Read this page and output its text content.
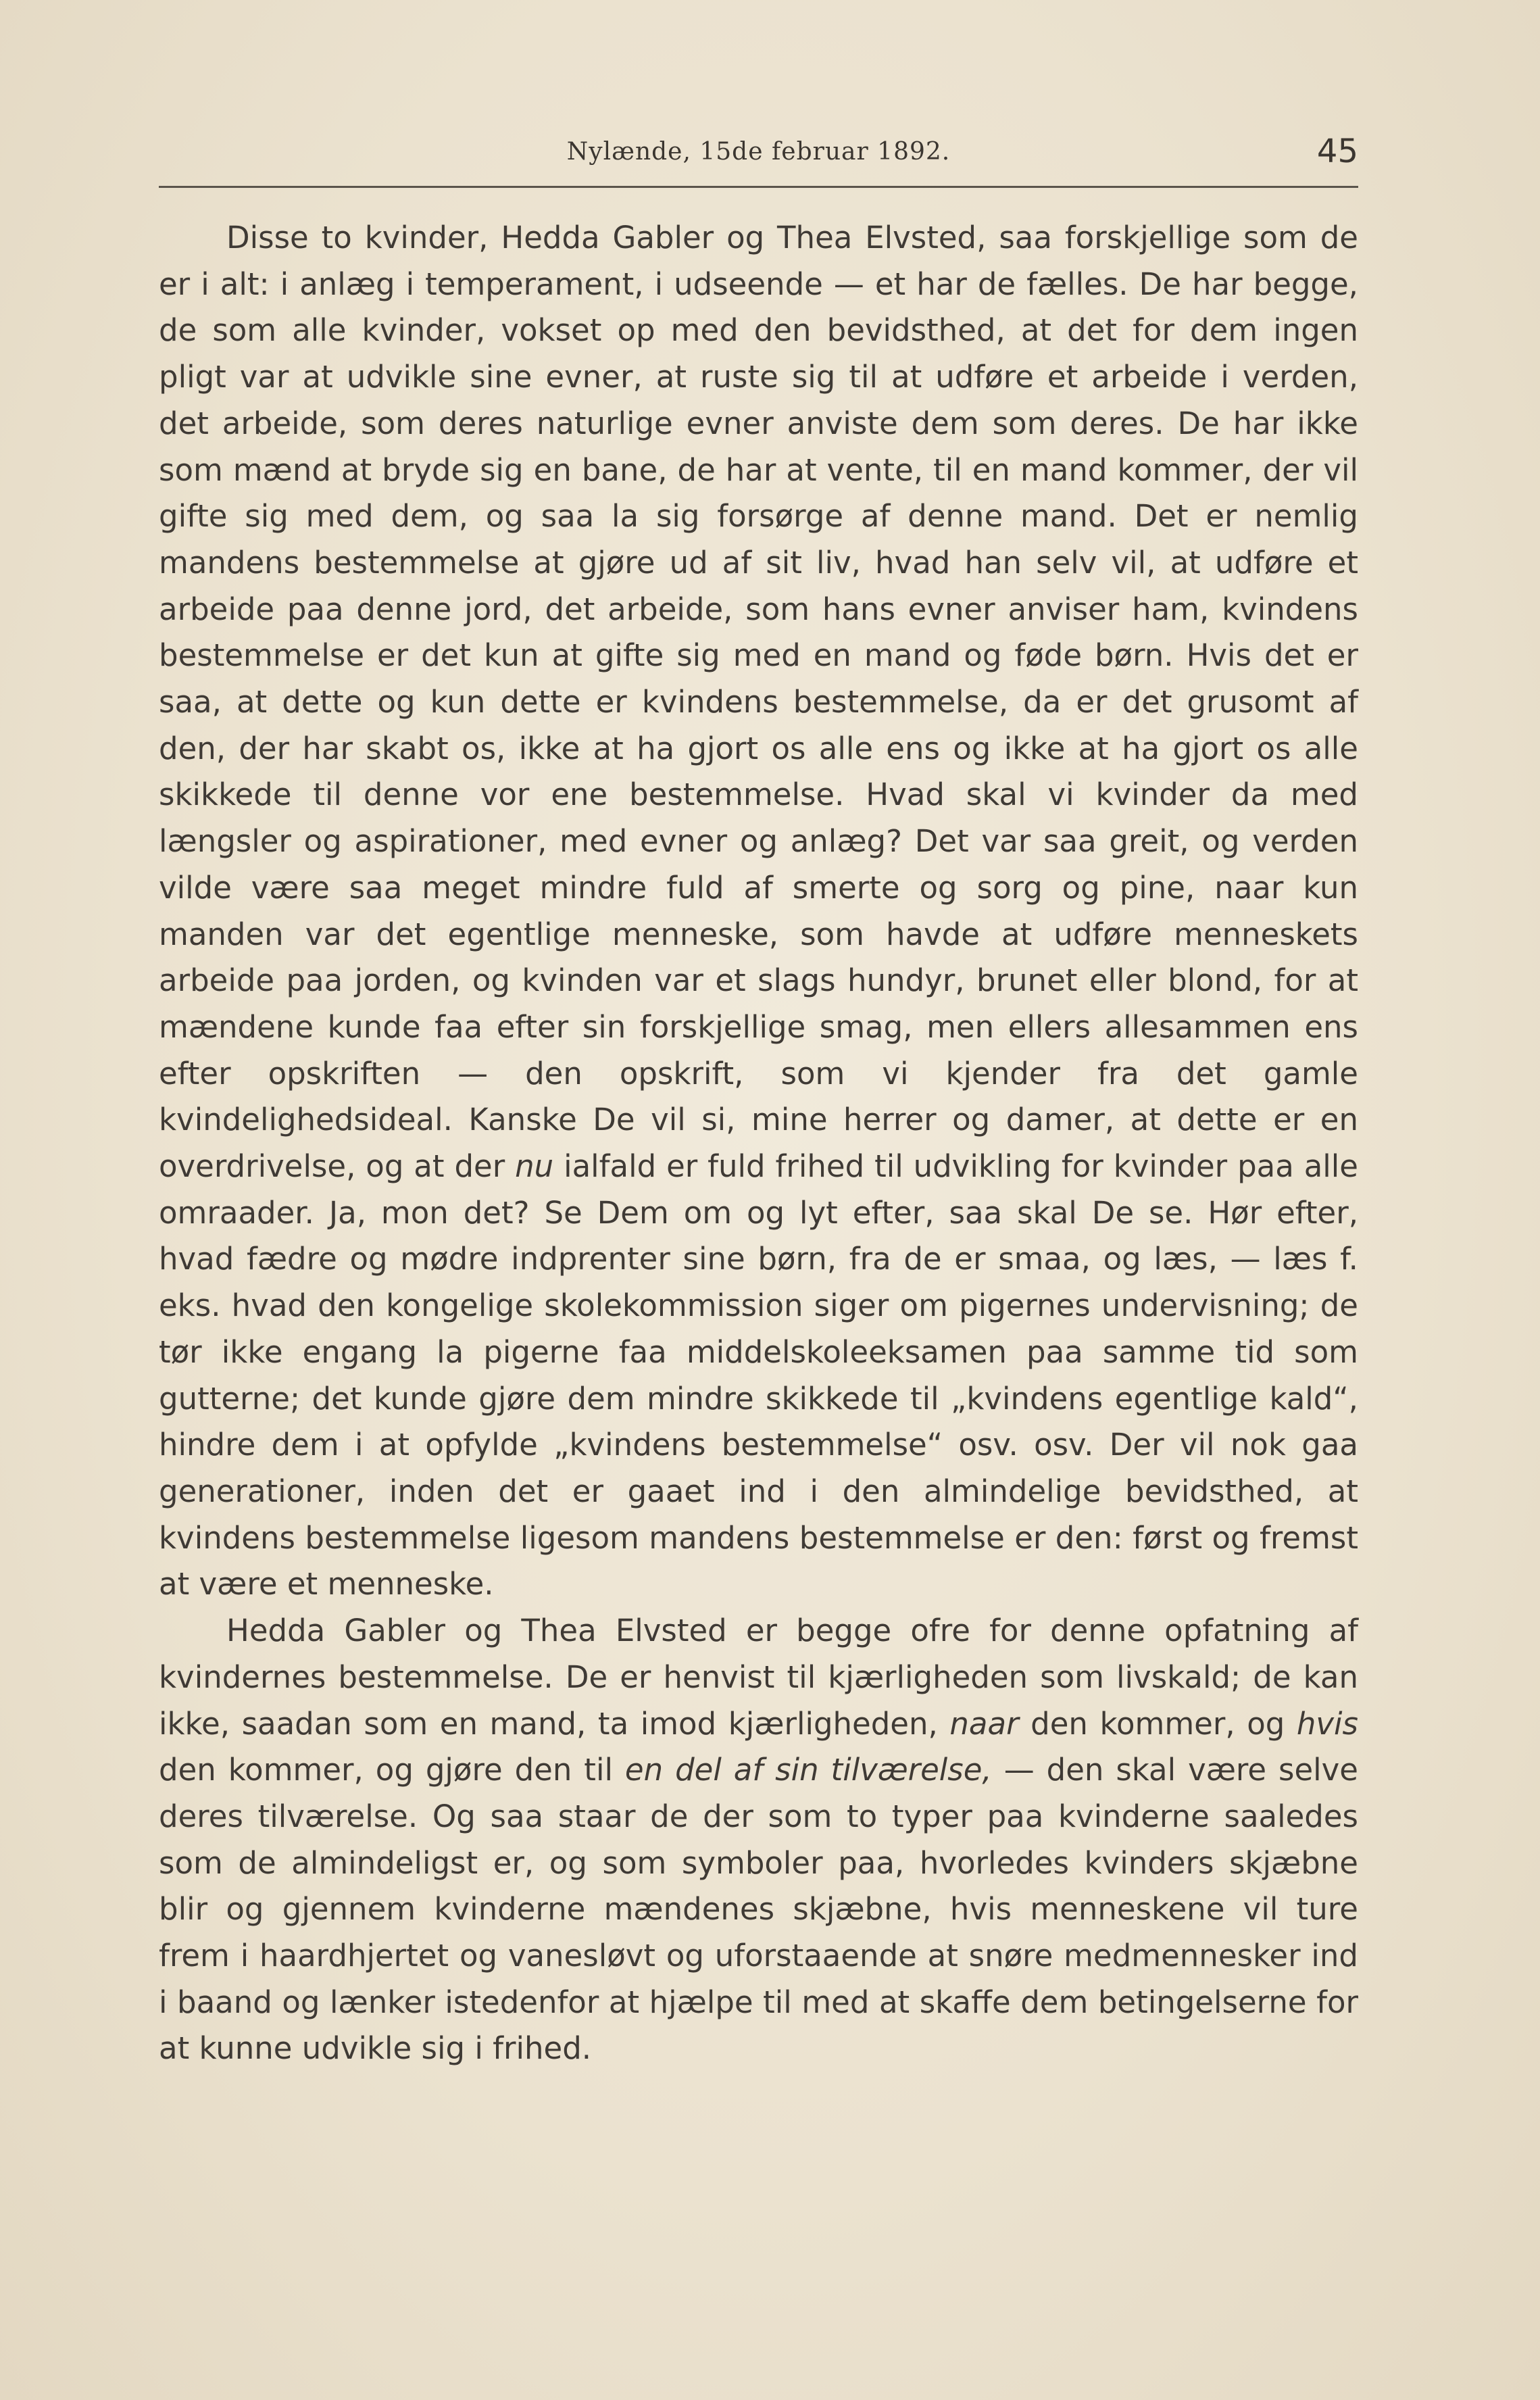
Nylænde, 15de februar 1892.	45

Disse to kvinder, Hedda Gabler og Thea Elvsted, saa forskjellige som de er i alt: i anlæg i temperament, i udseende — et har de fælles. De har begge, de som alle kvinder, vokset op med den bevidsthed, at det for dem ingen pligt var at udvikle sine evner, at ruste sig til at udføre et arbeide i verden, det arbeide, som deres naturlige evner anviste dem som deres. De har ikke som mænd at bryde sig en bane, de har at vente, til en mand kommer, der vil gifte sig med dem, og saa la sig forsørge af denne mand. Det er nemlig mandens bestemmelse at gjøre ud af sit liv, hvad han selv vil, at udføre et arbeide paa denne jord, det arbeide, som hans evner anviser ham, kvindens bestemmelse er det kun at gifte sig med en mand og føde børn. Hvis det er saa, at dette og kun dette er kvindens bestemmelse, da er det grusomt af den, der har skabt os, ikke at ha gjort os alle ens og ikke at ha gjort os alle skikkede til denne vor ene bestemmelse. Hvad skal vi kvinder da med længsler og aspirationer, med evner og anlæg? Det var saa greit, og verden vilde være saa meget mindre fuld af smerte og sorg og pine, naar kun manden var det egentlige menneske, som havde at udføre menneskets arbeide paa jorden, og kvinden var et slags hundyr, brunet eller blond, for at mændene kunde faa efter sin forskjellige smag, men ellers allesammen ens efter opskriften — den opskrift, som vi kjender fra det gamle kvindelighedsideal. Kanske De vil si, mine herrer og damer, at dette er en overdrivelse, og at der nu ialfald er fuld frihed til udvikling for kvinder paa alle omraader. Ja, mon det? Se Dem om og lyt efter, saa skal De se. Hør efter, hvad fædre og mødre indprenter sine børn, fra de er smaa, og læs, — læs f. eks. hvad den kongelige skolekommission siger om pigernes undervisning; de tør ikke engang la pigerne faa middelskoleeksamen paa samme tid som gutterne; det kunde gjøre dem mindre skikkede til „kvindens egentlige kald“, hindre dem i at opfylde „kvindens bestemmelse“ osv. osv. Der vil nok gaa generationer, inden det er gaaet ind i den almindelige bevidsthed, at kvindens bestemmelse ligesom mandens bestemmelse er den: først og fremst at være et menneske.

Hedda Gabler og Thea Elvsted er begge ofre for denne opfatning af kvindernes bestemmelse. De er henvist til kjærligheden som livskald; de kan ikke, saadan som en mand, ta imod kjærligheden, naar den kommer, og hvis den kommer, og gjøre den til en del af sin tilværelse, — den skal være selve deres tilværelse. Og saa staar de der som to typer paa kvinderne saaledes som de almindeligst er, og som symboler paa, hvorledes kvinders skjæbne blir og gjennem kvinderne mændenes skjæbne, hvis menneskene vil ture frem i haardhjertet og vanesløvt og uforstaaende at snøre medmennesker ind i baand og lænker istedenfor at hjælpe til med at skaffe dem betingelserne for at kunne udvikle sig i frihed.
